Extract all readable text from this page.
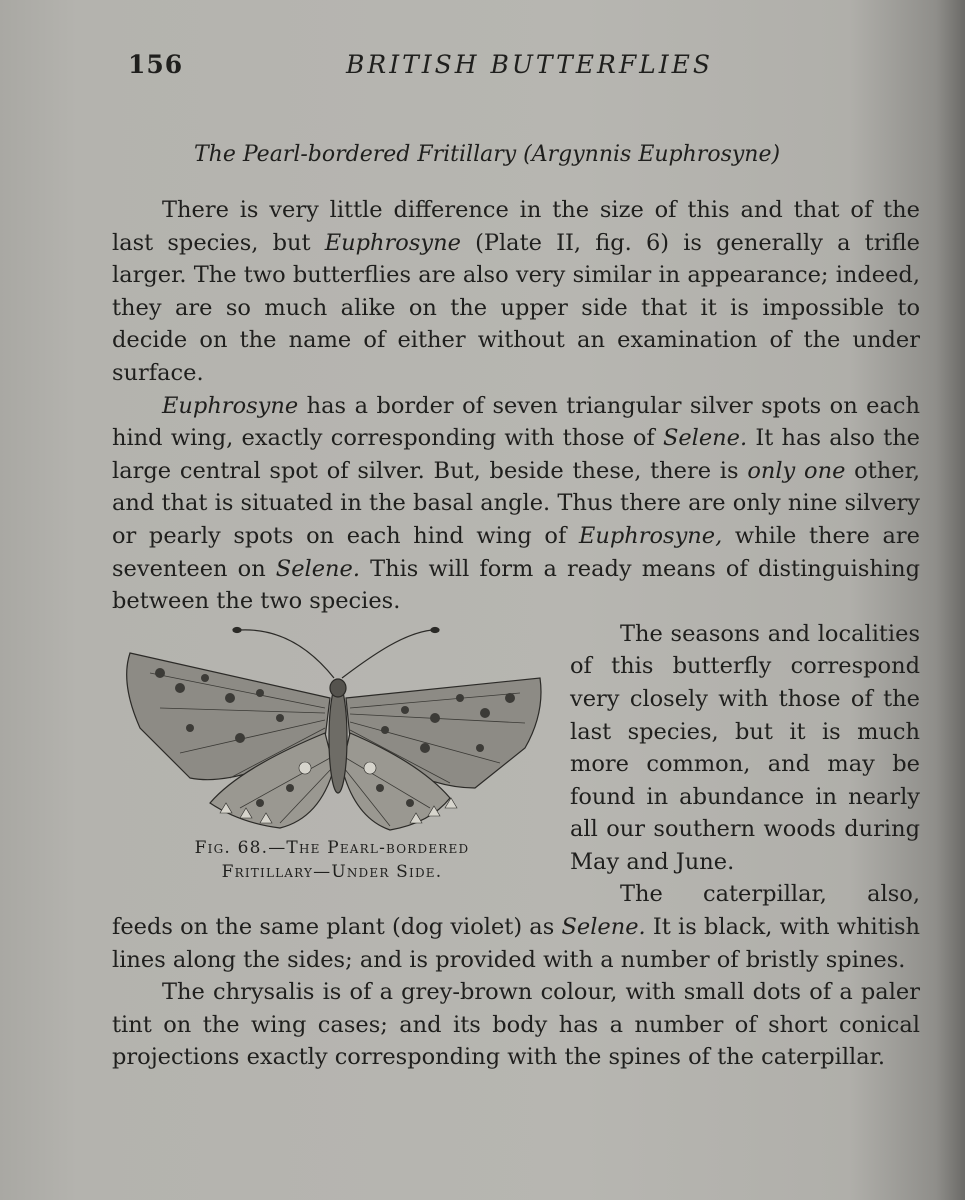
156	BRITISH BUTTERFLIES
The Pearl-bordered Fritillary (Argynnis Euphrosyne)

There is very little difference in the size of this and that of the last species, but Euphrosyne (Plate II, fig. 6) is generally a trifle larger. The two butterflies are also very similar in appearance; indeed, they are so much alike on the upper side that it is impossible to decide on the name of either without an examination of the under surface.

Euphrosyne has a border of seven triangular silver spots on each hind wing, exactly corresponding with those of Selene. It has also the large central spot of silver. But, beside these, there is only one other, and that is situated in the basal angle. Thus there are only nine silvery or pearly spots on each hind wing of Euphrosyne, while there are seventeen on Selene. This will form a ready means of distinguishing between the two species.

Fig. 68.—The Pearl-bordered
Fritillary—Under Side.

The seasons and localities of this butterfly correspond very closely with those of the last species, but it is much more common, and may be found in abundance in nearly all our southern woods during May and June.

The caterpillar, also, feeds on the same plant (dog violet) as Selene. It is black, with whitish lines along the sides; and is provided with a number of bristly spines.

The chrysalis is of a grey-brown colour, with small dots of a paler tint on the wing cases; and its body has a number of short conical projections exactly corresponding with the spines of the caterpillar.
